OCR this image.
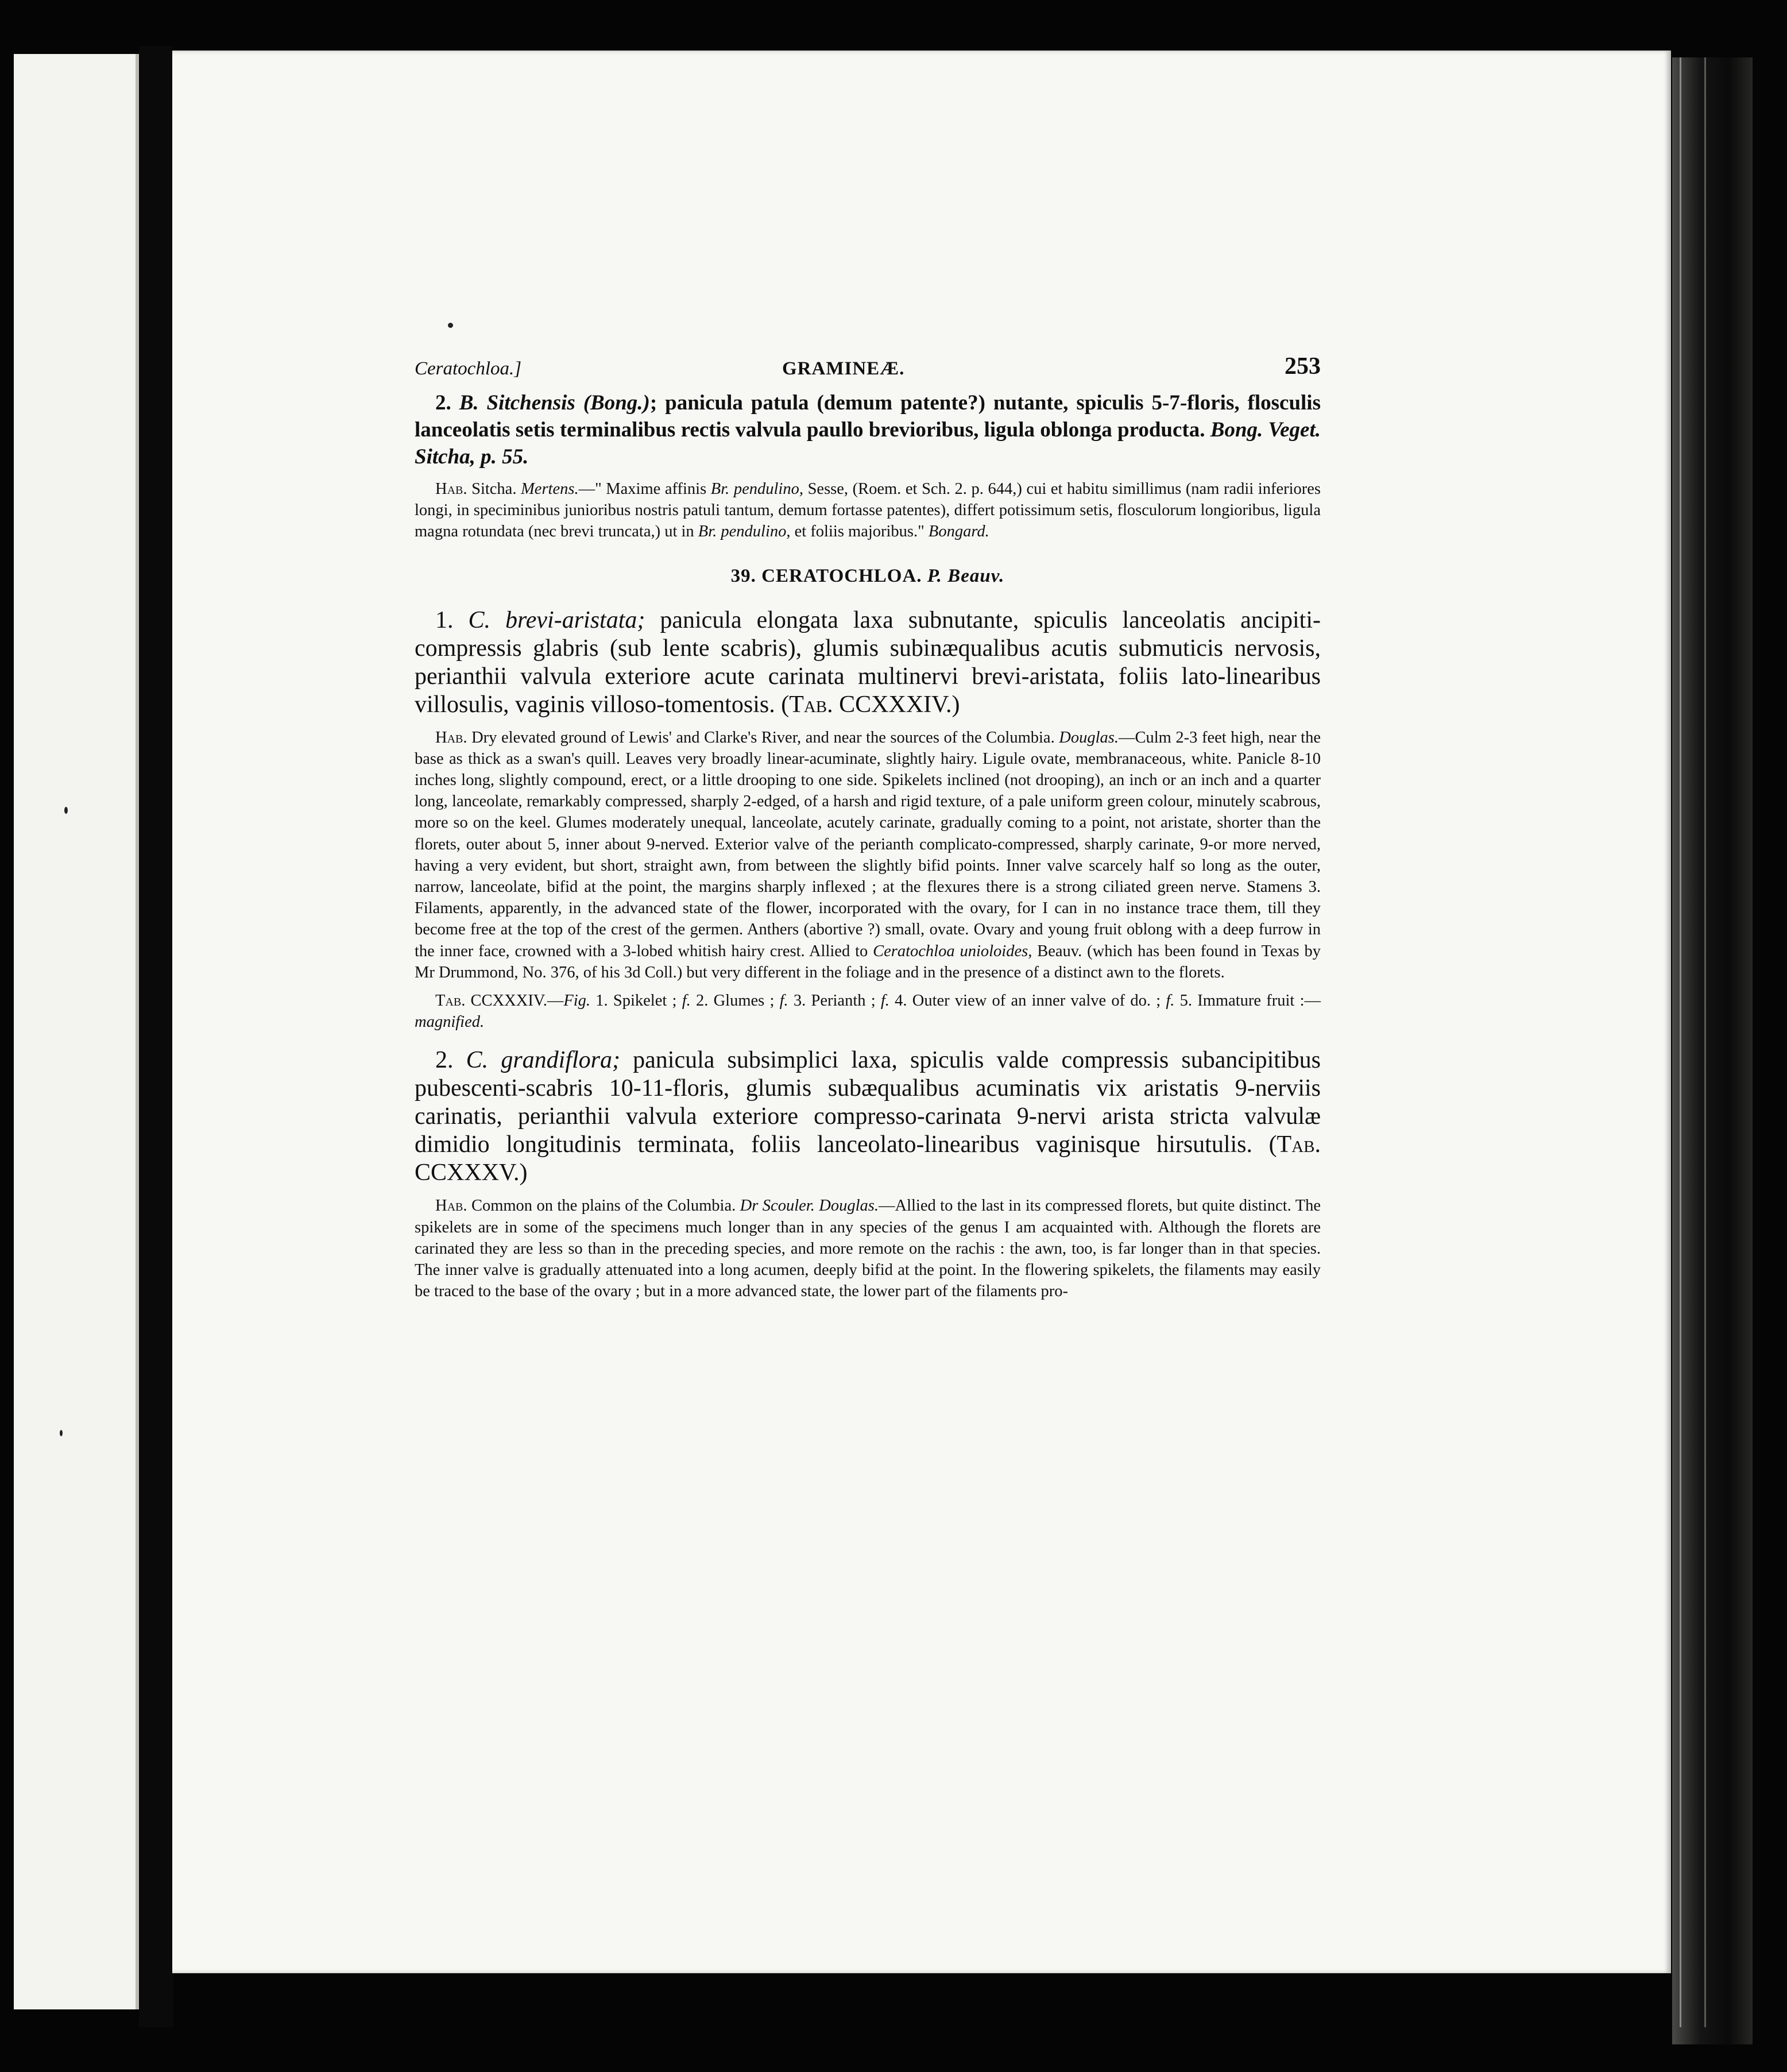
Ceratochloa.]	GRAMINEÆ.	253

2. B. Sitchensis (Bong.); panicula patula (demum patente?) nutante, spiculis 5-7-floris, flosculis lanceolatis setis terminalibus rectis valvula paullo brevioribus, ligula oblonga producta. Bong. Veget. Sitcha, p. 55.

Hab. Sitcha. Mertens.—" Maxime affinis Br. pendulino, Sesse, (Roem. et Sch. 2. p. 644,) cui et habitu simillimus (nam radii inferiores longi, in speciminibus junioribus nostris patuli tantum, demum fortasse patentes), differt potissimum setis, flosculorum longioribus, ligula magna rotundata (nec brevi truncata,) ut in Br. pendulino, et foliis majoribus." Bongard.

39. CERATOCHLOA. P. Beauv.

1. C. brevi-aristata; panicula elongata laxa subnutante, spiculis lanceolatis ancipiti-compressis glabris (sub lente scabris), glumis subinæqualibus acutis submuticis nervosis, perianthii valvula exteriore acute carinata multinervi brevi-aristata, foliis lato-linearibus villosulis, vaginis villoso-tomentosis. (Tab. CCXXXIV.)

Hab. Dry elevated ground of Lewis' and Clarke's River, and near the sources of the Columbia. Douglas.—Culm 2-3 feet high, near the base as thick as a swan's quill. Leaves very broadly linear-acuminate, slightly hairy. Ligule ovate, membranaceous, white. Panicle 8-10 inches long, slightly compound, erect, or a little drooping to one side. Spikelets inclined (not drooping), an inch or an inch and a quarter long, lanceolate, remarkably compressed, sharply 2-edged, of a harsh and rigid texture, of a pale uniform green colour, minutely scabrous, more so on the keel. Glumes moderately unequal, lanceolate, acutely carinate, gradually coming to a point, not aristate, shorter than the florets, outer about 5, inner about 9-nerved. Exterior valve of the perianth complicato-compressed, sharply carinate, 9-or more nerved, having a very evident, but short, straight awn, from between the slightly bifid points. Inner valve scarcely half so long as the outer, narrow, lanceolate, bifid at the point, the margins sharply inflexed ; at the flexures there is a strong ciliated green nerve. Stamens 3. Filaments, apparently, in the advanced state of the flower, incorporated with the ovary, for I can in no instance trace them, till they become free at the top of the crest of the germen. Anthers (abortive ?) small, ovate. Ovary and young fruit oblong with a deep furrow in the inner face, crowned with a 3-lobed whitish hairy crest. Allied to Ceratochloa unioloides, Beauv. (which has been found in Texas by Mr Drummond, No. 376, of his 3d Coll.) but very different in the foliage and in the presence of a distinct awn to the florets.

Tab. CCXXXIV.—Fig. 1. Spikelet ; f. 2. Glumes ; f. 3. Perianth ; f. 4. Outer view of an inner valve of do. ; f. 5. Immature fruit :—magnified.

2. C. grandiflora; panicula subsimplici laxa, spiculis valde compressis subancipitibus pubescenti-scabris 10-11-floris, glumis subæqualibus acuminatis vix aristatis 9-nerviis carinatis, perianthii valvula exteriore compresso-carinata 9-nervi arista stricta valvulæ dimidio longitudinis terminata, foliis lanceolato-linearibus vaginisque hirsutulis. (Tab. CCXXXV.)

Hab. Common on the plains of the Columbia. Dr Scouler. Douglas.—Allied to the last in its compressed florets, but quite distinct. The spikelets are in some of the specimens much longer than in any species of the genus I am acquainted with. Although the florets are carinated they are less so than in the preceding species, and more remote on the rachis : the awn, too, is far longer than in that species. The inner valve is gradually attenuated into a long acumen, deeply bifid at the point. In the flowering spikelets, the filaments may easily be traced to the base of the ovary ; but in a more advanced state, the lower part of the filaments pro-
